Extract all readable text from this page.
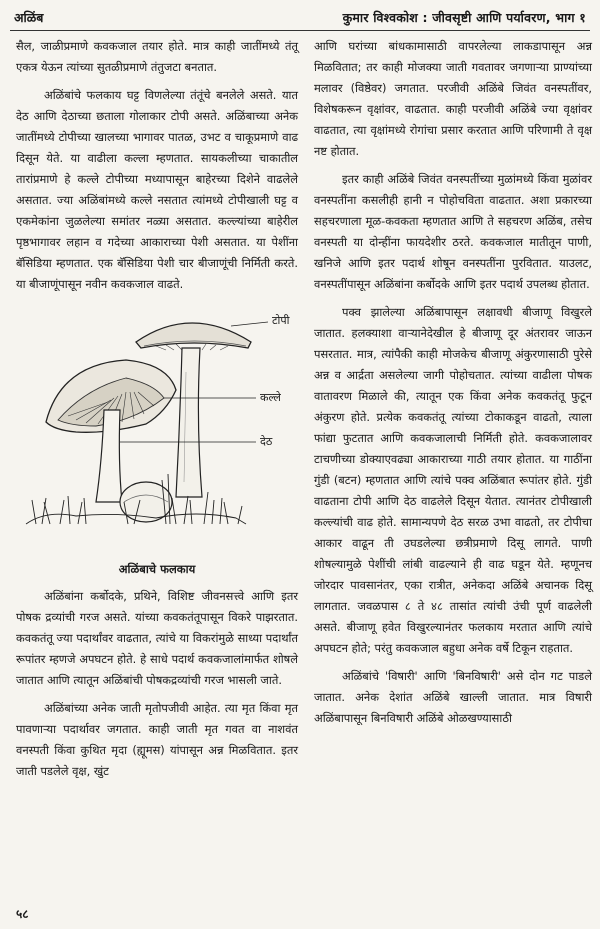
अळिंब	कुमार विश्वकोश : जीवसृष्टी आणि पर्यावरण, भाग १

सैल, जाळीप्रमाणे कवकजाल तयार होते. मात्र काही जातींमध्ये तंतू एकत्र येऊन त्यांच्या सुतळीप्रमाणे तंतुजटा बनतात.

अळिंबांचे फलकाय घट्ट विणलेल्या तंतूंचे बनलेले असते. यात देठ आणि देठाच्या छताला गोलाकार टोपी असते. अळिंबाच्या अनेक जातींमध्ये टोपीच्या खालच्या भागावर पातळ, उभट व चाकूप्रमाणे वाढ दिसून येते. या वाढीला कल्ला म्हणतात. सायकलीच्या चाकातील तारांप्रमाणे हे कल्ले टोपीच्या मध्यापासून बाहेरच्या दिशेने वाढलेले असतात. ज्या अळिंबांमध्ये कल्ले नसतात त्यांमध्ये टोपीखाली घट्ट व एकमेकांना जुळलेल्या समांतर नळ्या असतात. कल्ल्यांच्या बाहेरील पृष्ठभागावर लहान व गदेच्या आकाराच्या पेशी असतात. या पेशींना बॅसिडिया म्हणतात. एक बॅसिडिया पेशी चार बीजाणूंची निर्मिती करते. या बीजाणूंपासून नवीन कवकजाल वाढते.

टोपी
कल्ले
देठ
अळिंबाचे फलकाय

अळिंबांना कर्बोदके, प्रथिने, विशिष्ट जीवनसत्त्वे आणि इतर पोषक द्रव्यांची गरज असते. यांच्या कवकतंतूपासून विकरे पाझरतात. कवकतंतू ज्या पदार्थांवर वाढतात, त्यांचे या विकरांमुळे साध्या पदार्थांत रूपांतर म्हणजे अपघटन होते. हे साधे पदार्थ कवकजालांमार्फत शोषले जातात आणि त्यातून अळिंबांची पोषकद्रव्यांची गरज भासली जाते.

अळिंबांच्या अनेक जाती मृतोपजीवी आहेत. त्या मृत किंवा मृत पावणाऱ्या पदार्थावर जगतात. काही जाती मृत गवत वा नाशवंत वनस्पती किंवा कुथित मृदा (ह्यूमस) यांपासून अन्न मिळवितात. इतर जाती पडलेले वृक्ष, खुंट

आणि घरांच्या बांधकामासाठी वापरलेल्या लाकडापासून अन्न मिळवितात; तर काही मोजक्या जाती गवतावर जगणाऱ्या प्राण्यांच्या मलावर (विष्ठेवर) जगतात. परजीवी अळिंबे जिवंत वनस्पतींवर, विशेषकरून वृक्षांवर, वाढतात. काही परजीवी अळिंबे ज्या वृक्षांवर वाढतात, त्या वृक्षांमध्ये रोगांचा प्रसार करतात आणि परिणामी ते वृक्ष नष्ट होतात.

इतर काही अळिंबे जिवंत वनस्पतींच्या मुळांमध्ये किंवा मुळांवर वनस्पतींना कसलीही हानी न पोहोचविता वाढतात. अशा प्रकारच्या सहचरणाला मूळ-कवकता म्हणतात आणि ते सहचरण अळिंब, तसेच वनस्पती या दोन्हींना फायदेशीर ठरते. कवकजाल मातीतून पाणी, खनिजे आणि इतर पदार्थ शोषून वनस्पतींना पुरवितात. याउलट, वनस्पतींपासून अळिंबांना कर्बोदके आणि इतर पदार्थ उपलब्ध होतात.

पक्व झालेल्या अळिंबापासून लक्षावधी बीजाणू विखुरले जातात. हलक्याशा वाऱ्यानेदेखील हे बीजाणू दूर अंतरावर जाऊन पसरतात. मात्र, त्यांपैकी काही मोजकेच बीजाणू अंकुरणासाठी पुरेसे अन्न व आर्द्रता असलेल्या जागी पोहोचतात. त्यांच्या वाढीला पोषक वातावरण मिळाले की, त्यातून एक किंवा अनेक कवकतंतू फुटून अंकुरण होते. प्रत्येक कवकतंतू त्यांच्या टोकाकडून वाढतो, त्याला फांद्या फुटतात आणि कवकजालाची निर्मिती होते. कवकजालावर टाचणीच्या डोक्याएवढ्या आकाराच्या गाठी तयार होतात. या गाठींना गुंडी (बटन) म्हणतात आणि त्यांचे पक्व अळिंबात रूपांतर होते. गुंडी वाढताना टोपी आणि देठ वाढलेले दिसून येतात. त्यानंतर टोपीखाली कल्ल्यांची वाढ होते. सामान्यपणे देठ सरळ उभा वाढतो, तर टोपीचा आकार वाढून ती उघडलेल्या छत्रीप्रमाणे दिसू लागते. पाणी शोषल्यामुळे पेशींची लांबी वाढल्याने ही वाढ घडून येते. म्हणूनच जोरदार पावसानंतर, एका रात्रीत, अनेकदा अळिंबे अचानक दिसू लागतात. जवळपास ८ ते ४८ तासांत त्यांची उंची पूर्ण वाढलेली असते. बीजाणू हवेत विखुरल्यानंतर फलकाय मरतात आणि त्यांचे अपघटन होते; परंतु कवकजाल बहुधा अनेक वर्षे टिकून राहतात.

अळिंबांचे 'विषारी' आणि 'बिनविषारी' असे दोन गट पाडले जातात. अनेक देशांत अळिंबे खाल्ली जातात. मात्र विषारी अळिंबापासून बिनविषारी अळिंबे ओळखण्यासाठी

५८
